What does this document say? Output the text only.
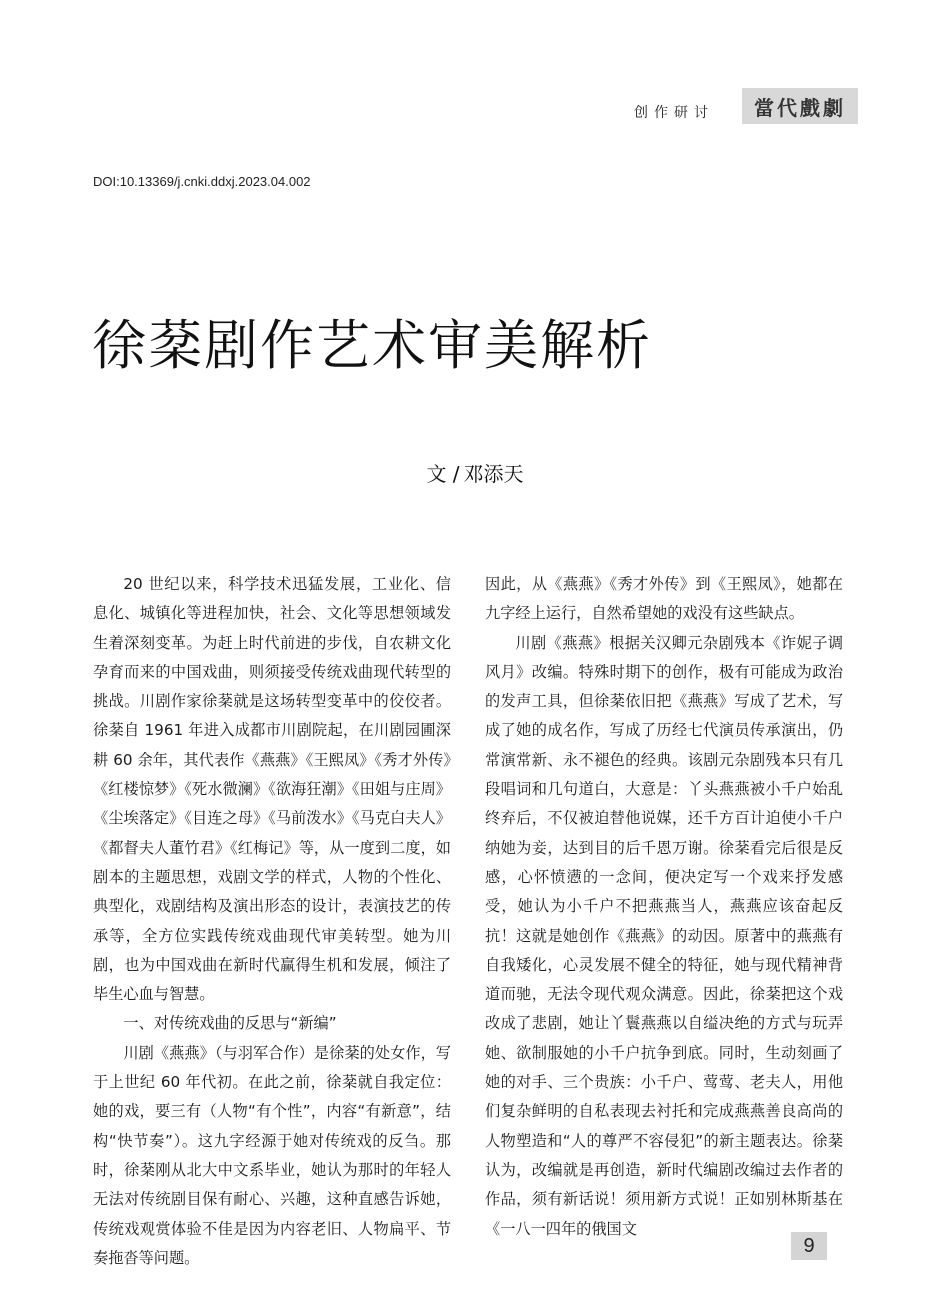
创作研讨 當代戲劇
DOI:10.13369/j.cnki.ddxj.2023.04.002
徐棻剧作艺术审美解析
文 / 邓添天

20 世纪以来，科学技术迅猛发展，工业化、信息化、城镇化等进程加快，社会、文化等思想领域发生着深刻变革。为赶上时代前进的步伐，自农耕文化孕育而来的中国戏曲，则须接受传统戏曲现代转型的挑战。川剧作家徐棻就是这场转型变革中的佼佼者。徐棻自 1961 年进入成都市川剧院起，在川剧园圃深耕 60 余年，其代表作《燕燕》《王熙凤》《秀才外传》《红楼惊梦》《死水微澜》《欲海狂潮》《田姐与庄周》《尘埃落定》《目连之母》《马前泼水》《马克白夫人》《都督夫人董竹君》《红梅记》等，从一度到二度，如剧本的主题思想，戏剧文学的样式，人物的个性化、典型化，戏剧结构及演出形态的设计，表演技艺的传承等，全方位实践传统戏曲现代审美转型。她为川剧，也为中国戏曲在新时代赢得生机和发展，倾注了毕生心血与智慧。

一、对传统戏曲的反思与“新编”

川剧《燕燕》（与羽军合作）是徐棻的处女作，写于上世纪 60 年代初。在此之前，徐棻就自我定位：她的戏，要三有（人物“有个性”，内容“有新意”，结构“快节奏”）。这九字经源于她对传统戏的反刍。那时，徐棻刚从北大中文系毕业，她认为那时的年轻人无法对传统剧目保有耐心、兴趣，这种直感告诉她，传统戏观赏体验不佳是因为内容老旧、人物扁平、节奏拖沓等问题。

因此，从《燕燕》《秀才外传》到《王熙凤》，她都在九字经上运行，自然希望她的戏没有这些缺点。

川剧《燕燕》根据关汉卿元杂剧残本《诈妮子调风月》改编。特殊时期下的创作，极有可能成为政治的发声工具，但徐棻依旧把《燕燕》写成了艺术，写成了她的成名作，写成了历经七代演员传承演出，仍常演常新、永不褪色的经典。该剧元杂剧残本只有几段唱词和几句道白，大意是：丫头燕燕被小千户始乱终弃后，不仅被迫替他说媒，还千方百计迫使小千户纳她为妾，达到目的后千恩万谢。徐棻看完后很是反感，心怀愤懑的一念间，便决定写一个戏来抒发感受，她认为小千户不把燕燕当人，燕燕应该奋起反抗！这就是她创作《燕燕》的动因。原著中的燕燕有自我矮化，心灵发展不健全的特征，她与现代精神背道而驰，无法令现代观众满意。因此，徐棻把这个戏改成了悲剧，她让丫鬟燕燕以自缢决绝的方式与玩弄她、欲制服她的小千户抗争到底。同时，生动刻画了她的对手、三个贵族：小千户、莺莺、老夫人，用他们复杂鲜明的自私表现去衬托和完成燕燕善良高尚的人物塑造和“人的尊严不容侵犯”的新主题表达。徐棻认为，改编就是再创造，新时代编剧改编过去作者的作品，须有新话说！须用新方式说！正如别林斯基在《一八一四年的俄国文

9
